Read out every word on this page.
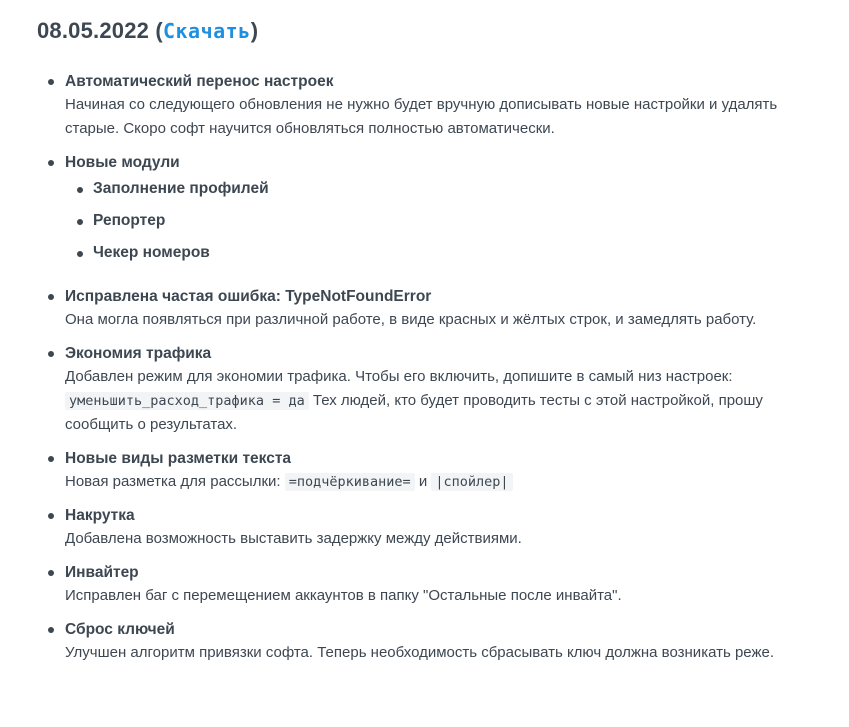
08.05.2022 (Скачать)
Автоматический перенос настроек
Начиная со следующего обновления не нужно будет вручную дописывать новые настройки и удалять старые. Скоро софт научится обновляться полностью автоматически.
Новые модули
Заполнение профилей
Репортер
Чекер номеров
Исправлена частая ошибка: TypeNotFoundError
Она могла появляться при различной работе, в виде красных и жёлтых строк, и замедлять работу.
Экономия трафика
Добавлен режим для экономии трафика. Чтобы его включить, допишите в самый низ настроек: уменьшить_расход_трафика = да Тех людей, кто будет проводить тесты с этой настройкой, прошу сообщить о результатах.
Новые виды разметки текста
Новая разметка для рассылки: =подчёркивание= и |спойлер|
Накрутка
Добавлена возможность выставить задержку между действиями.
Инвайтер
Исправлен баг с перемещением аккаунтов в папку "Остальные после инвайта".
Сброс ключей
Улучшен алгоритм привязки софта. Теперь необходимость сбрасывать ключ должна возникать реже.
